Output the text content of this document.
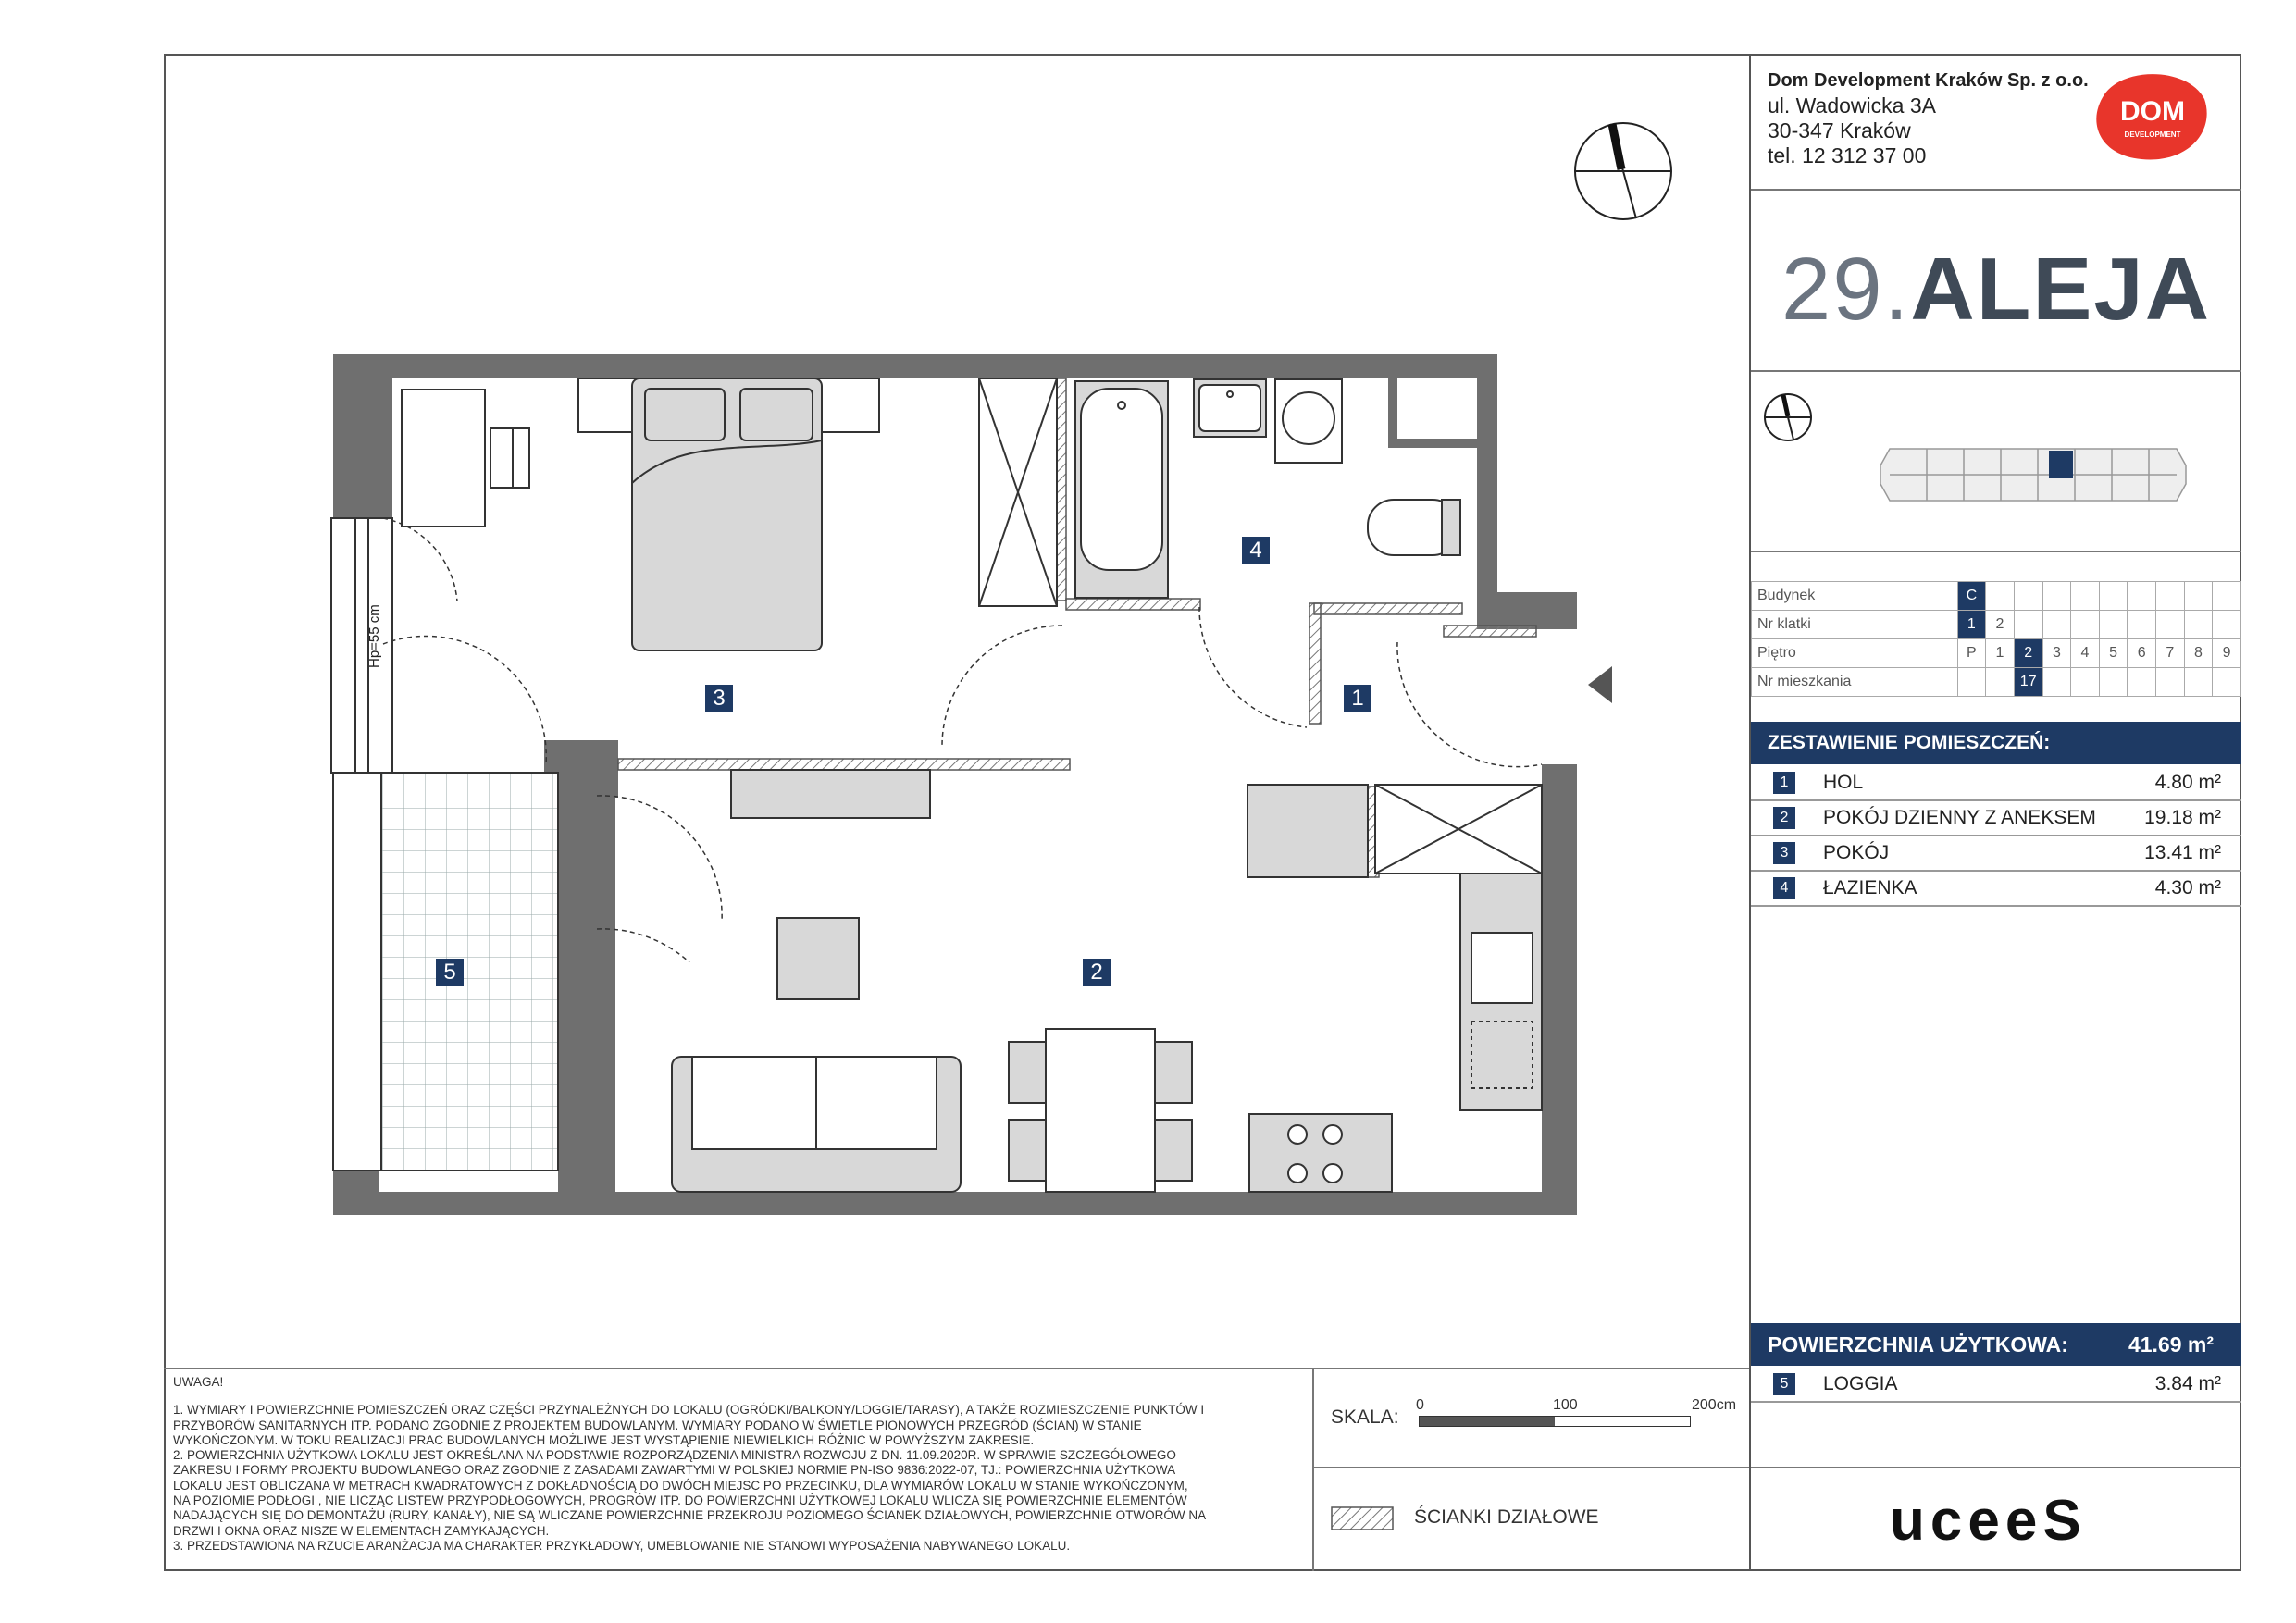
1
2
3
4
5
Hp=55 cm
UWAGA!
1. WYMIARY I POWIERZCHNIE POMIESZCZEŃ ORAZ CZĘŚCI PRZYNALEŻNYCH DO LOKALU (OGRÓDKI/BALKONY/LOGGIE/TARASY), A TAKŻE ROZMIESZCZENIE PUNKTÓW I
PRZYBORÓW SANITARNYCH ITP. PODANO ZGODNIE Z PROJEKTEM BUDOWLANYM. WYMIARY PODANO W ŚWIETLE PIONOWYCH PRZEGRÓD (ŚCIAN) W STANIE
WYKOŃCZONYM. W TOKU REALIZACJI PRAC BUDOWLANYCH MOŻLIWE JEST WYSTĄPIENIE NIEWIELKICH RÓŻNIC W POWYŻSZYM ZAKRESIE.
2. POWIERZCHNIA UŻYTKOWA LOKALU JEST OKREŚLANA NA PODSTAWIE ROZPORZĄDZENIA MINISTRA ROZWOJU Z DN. 11.09.2020R. W SPRAWIE SZCZEGÓŁOWEGO
ZAKRESU I FORMY PROJEKTU BUDOWLANEGO ORAZ ZGODNIE Z ZASADAMI ZAWARTYMI W POLSKIEJ NORMIE PN-ISO 9836:2022-07, TJ.: POWIERZCHNIA UŻYTKOWA
LOKALU JEST OBLICZANA W METRACH KWADRATOWYCH Z DOKŁADNOŚCIĄ DO DWÓCH MIEJSC PO PRZECINKU, DLA WYMIARÓW LOKALU W STANIE WYKOŃCZONYM,
NA POZIOMIE PODŁOGI , NIE LICZĄC LISTEW PRZYPODŁOGOWYCH, PROGRÓW ITP. DO POWIERZCHNI UŻYTKOWEJ LOKALU WLICZA SIĘ POWIERZCHNIE ELEMENTÓW
NADAJĄCYCH SIĘ DO DEMONTAŻU (RURY, KANAŁY), NIE SĄ WLICZANE POWIERZCHNIE PRZEKROJU POZIOMEGO ŚCIANEK DZIAŁOWYCH, POWIERZCHNIE OTWORÓW NA
DRZWI I OKNA ORAZ NISZE W ELEMENTACH ZAMYKAJĄCYCH.
3. PRZEDSTAWIONA NA RZUCIE ARANŻACJA MA CHARAKTER PRZYKŁADOWY, UMEBLOWANIE NIE STANOWI WYPOSAŻENIA NABYWANEGO LOKALU.
SKALA:
0	100	200cm
ŚCIANKI DZIAŁOWE
Dom Development Kraków Sp. z o.o.
ul. Wadowicka 3A
30-347 Kraków
tel. 12 312 37 00
DOM
DEVELOPMENT
29.ALEJA
Budynek	C									
Nr klatki	1	2								
Piętro	P	1	2	3	4	5	6	7	8	9
Nr mieszkania			17							
ZESTAWIENIE POMIESZCZEŃ:
1	HOL	4.80 m²
2	POKÓJ DZIENNY Z ANEKSEM 19.18 m²
3	POKÓJ	13.41 m²
4	ŁAZIENKA	4.30 m²
POWIERZCHNIA UŻYTKOWA:	41.69 m²
5	LOGGIA	3.84 m²
uceeS
